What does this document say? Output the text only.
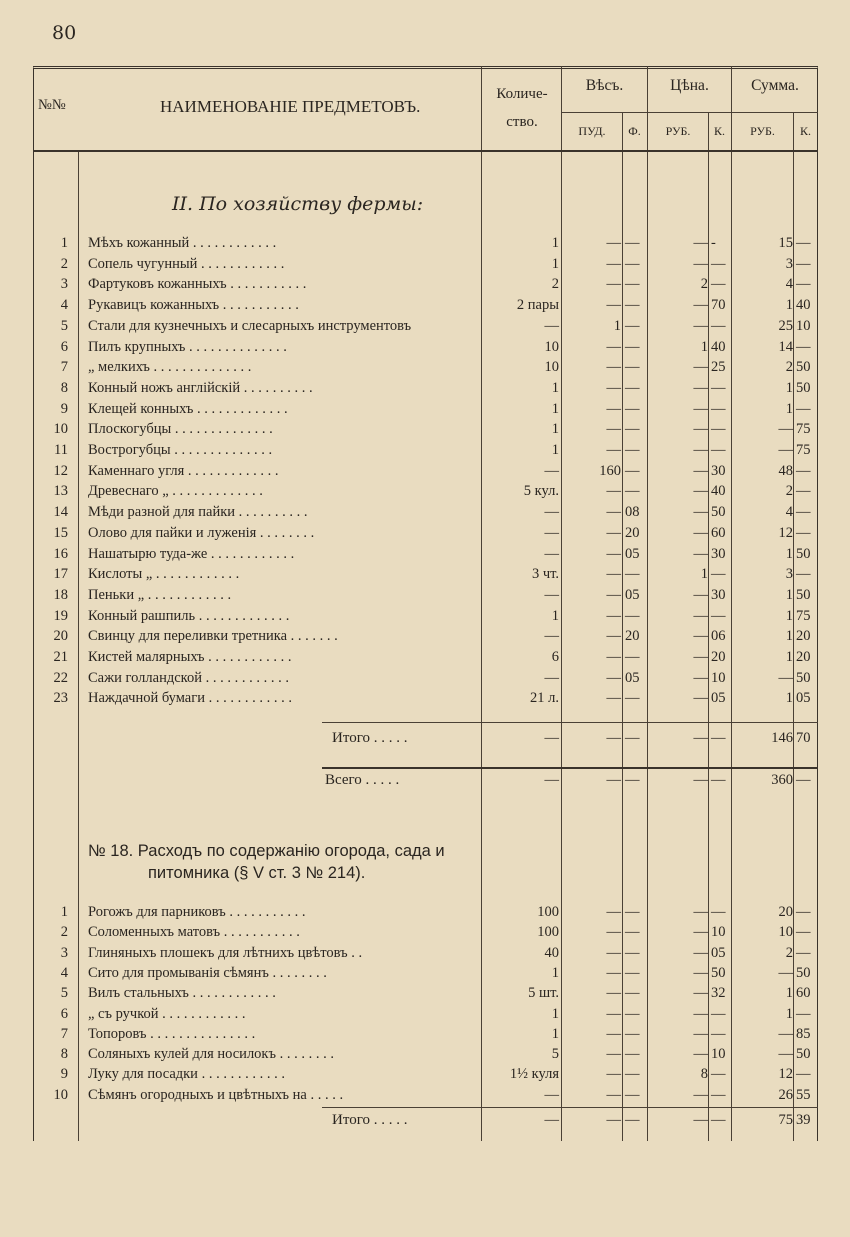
80
№№	НАИМЕНОВАНІЕ ПРЕДМЕТОВЪ.
Количе-
ство.
Вѣсъ.	Цѣна.	Сумма.
ПУД.	Ф.	РУБ.	К.	РУБ.	К.
II. По хозяйству фермы:
1 Мѣхъ кожанный . . . . . . . . . . . .	1	— —	— -	15 —
2 Сопель чугунный . . . . . . . . . . . .	1	— —	— —	3 —
3 Фартуковъ кожанныхъ . . . . . . . . . . .	2	— —	2 —	4 —
4 Рукавицъ кожанныхъ . . . . . . . . . . .	2 пары	— —	— 70	1 40
5 Стали для кузнечныхъ и слесарныхъ инструментовъ	—	1 —	— —	25 10
6 Пилъ крупныхъ . . . . . . . . . . . . . .	10	— —	1 40	14 —
7 „ мелкихъ . . . . . . . . . . . . . .	10	— —	— 25	2 50
8 Конный ножъ англійскій . . . . . . . . . .	1	— —	— —	1 50
9 Клещей конныхъ . . . . . . . . . . . . .	1	— —	— —	1 —
10 Плоскогубцы . . . . . . . . . . . . . .	1	— —	— —	— 75
11 Вострогубцы . . . . . . . . . . . . . .	1	— —	— —	— 75
12 Каменнаго угля . . . . . . . . . . . . .	—	160 —	— 30	48 —
13 Древеснаго „ . . . . . . . . . . . . .	5 кул.	— —	— 40	2 —
14 Мѣди разной для пайки . . . . . . . . . .	—	— 08	— 50	4 —
15 Олово для пайки и луженія . . . . . . . .	—	— 20	— 60	12 —
16 Нашатырю туда-же . . . . . . . . . . . .	—	— 05	— 30	1 50
17 Кислоты „ . . . . . . . . . . . .	3 чт.	— —	1 —	3 —
18 Пеньки „ . . . . . . . . . . . .	—	— 05	— 30	1 50
19 Конный рашпиль . . . . . . . . . . . . .	1	— —	— —	1 75
20 Свинцу для переливки третника . . . . . . .	—	— 20	— 06	1 20
21 Кистей малярныхъ . . . . . . . . . . . .	6	— —	— 20	1 20
22 Сажи голландской . . . . . . . . . . . .	—	— 05	— 10	— 50
23 Наждачной бумаги . . . . . . . . . . . .	21 л.	— —	— 05	1 05
Итого . . . . .	—	— —	— —	146 70
Всего . . . . .	—	— —	— —	360 —
№ 18. Расходъ по содержанію огорода, сада и
питомника (§ V ст. 3 № 214).
1 Рогожъ для парниковъ . . . . . . . . . . .	100	— —	— —	20 —
2 Соломенныхъ матовъ . . . . . . . . . . .	100	— —	— 10	10 —
3 Глиняныхъ плошекъ для лѣтнихъ цвѣтовъ . .	40	— —	— 05	2 —
4 Сито для промыванія сѣмянъ . . . . . . . .	1	— —	— 50	— 50
5 Вилъ стальныхъ . . . . . . . . . . . .	5 шт.	— —	— 32	1 60
6 „ съ ручкой . . . . . . . . . . . .	1	— —	— —	1 —
7 Топоровъ . . . . . . . . . . . . . . .	1	— —	— —	— 85
8 Соляныхъ кулей для носилокъ . . . . . . . .	5	— —	— 10	— 50
9 Луку для посадки . . . . . . . . . . . .	1½ куля	— —	8 —	12 —
10 Сѣмянъ огородныхъ и цвѣтныхъ на . . . . .	—	— —	— —	26 55
Итого . . . . .	—	— —	— —	75 39
